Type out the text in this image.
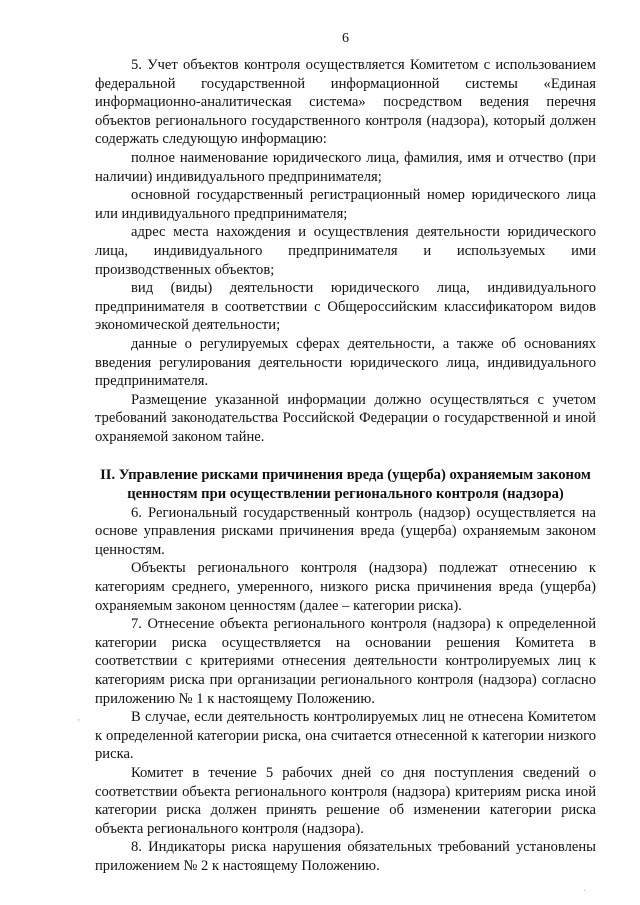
6

5. Учет объектов контроля осуществляется Комитетом с использованием федеральной государственной информационной системы «Единая информационно-аналитическая система» посредством ведения перечня объектов регионального государственного контроля (надзора), который должен содержать следующую информацию:

полное наименование юридического лица, фамилия, имя и отчество (при наличии) индивидуального предпринимателя;

основной государственный регистрационный номер юридического лица или индивидуального предпринимателя;

адрес места нахождения и осуществления деятельности юридического лица, индивидуального предпринимателя и используемых ими производственных объектов;

вид (виды) деятельности юридического лица, индивидуального предпринимателя в соответствии с Общероссийским классификатором видов экономической деятельности;

данные о регулируемых сферах деятельности, а также об основаниях введения регулирования деятельности юридического лица, индивидуального предпринимателя.

Размещение указанной информации должно осуществляться с учетом требований законодательства Российской Федерации о государственной и иной охраняемой законом тайне.

II. Управление рисками причинения вреда (ущерба) охраняемым законом ценностям при осуществлении регионального контроля (надзора)

6. Региональный государственный контроль (надзор) осуществляется на основе управления рисками причинения вреда (ущерба) охраняемым законом ценностям.

Объекты регионального контроля (надзора) подлежат отнесению к категориям среднего, умеренного, низкого риска причинения вреда (ущерба) охраняемым законом ценностям (далее – категории риска).

7. Отнесение объекта регионального контроля (надзора) к определенной категории риска осуществляется на основании решения Комитета в соответствии с критериями отнесения деятельности контролируемых лиц к категориям риска при организации регионального контроля (надзора) согласно приложению № 1 к настоящему Положению.

В случае, если деятельность контролируемых лиц не отнесена Комитетом к определенной категории риска, она считается отнесенной к категории низкого риска.

Комитет в течение 5 рабочих дней со дня поступления сведений о соответствии объекта регионального контроля (надзора) критериям риска иной категории риска должен принять решение об изменении категории риска объекта регионального контроля (надзора).

8. Индикаторы риска нарушения обязательных требований установлены приложением № 2 к настоящему Положению.

‚
·
